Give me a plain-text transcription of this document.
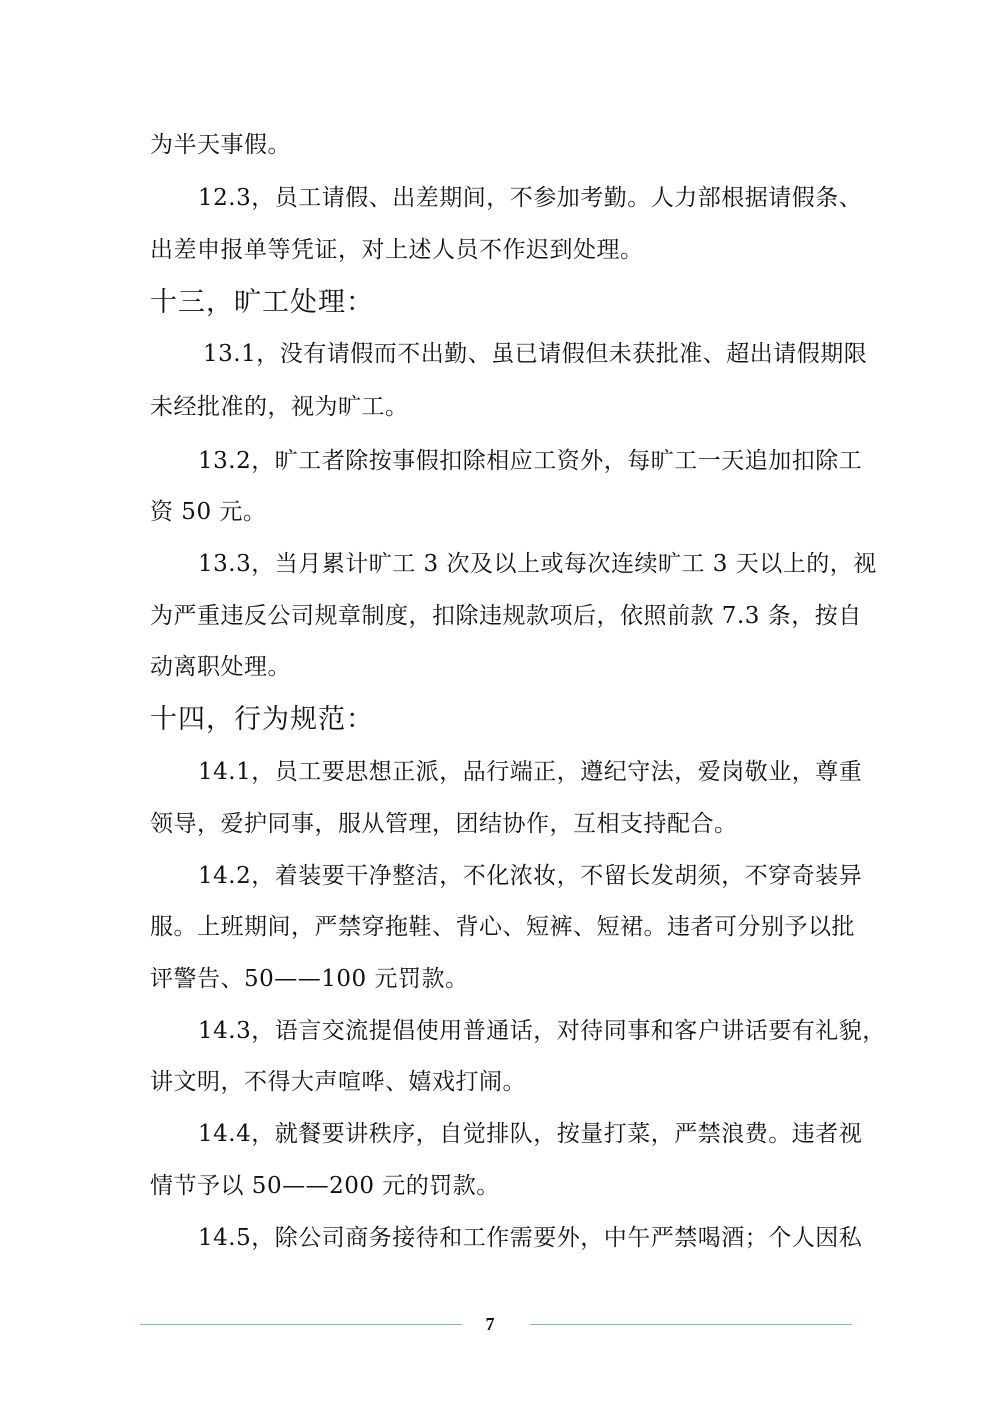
为半天事假。
12.3，员工请假、出差期间，不参加考勤。人力部根据请假条、
出差申报单等凭证，对上述人员不作迟到处理。
十三，旷工处理：
13.1，没有请假而不出勤、虽已请假但未获批准、超出请假期限
未经批准的，视为旷工。
13.2，旷工者除按事假扣除相应工资外，每旷工一天追加扣除工
资 50 元。
13.3，当月累计旷工 3 次及以上或每次连续旷工 3 天以上的，视
为严重违反公司规章制度，扣除违规款项后，依照前款 7.3 条，按自
动离职处理。
十四，行为规范：
14.1，员工要思想正派，品行端正，遵纪守法，爱岗敬业，尊重
领导，爱护同事，服从管理，团结协作，互相支持配合。
14.2，着装要干净整洁，不化浓妆，不留长发胡须，不穿奇装异
服。上班期间，严禁穿拖鞋、背心、短裤、短裙。违者可分别予以批
评警告、50——100 元罚款。
14.3，语言交流提倡使用普通话，对待同事和客户讲话要有礼貌，
讲文明，不得大声喧哗、嬉戏打闹。
14.4，就餐要讲秩序，自觉排队，按量打菜，严禁浪费。违者视
情节予以 50——200 元的罚款。
14.5，除公司商务接待和工作需要外，中午严禁喝酒；个人因私
7
